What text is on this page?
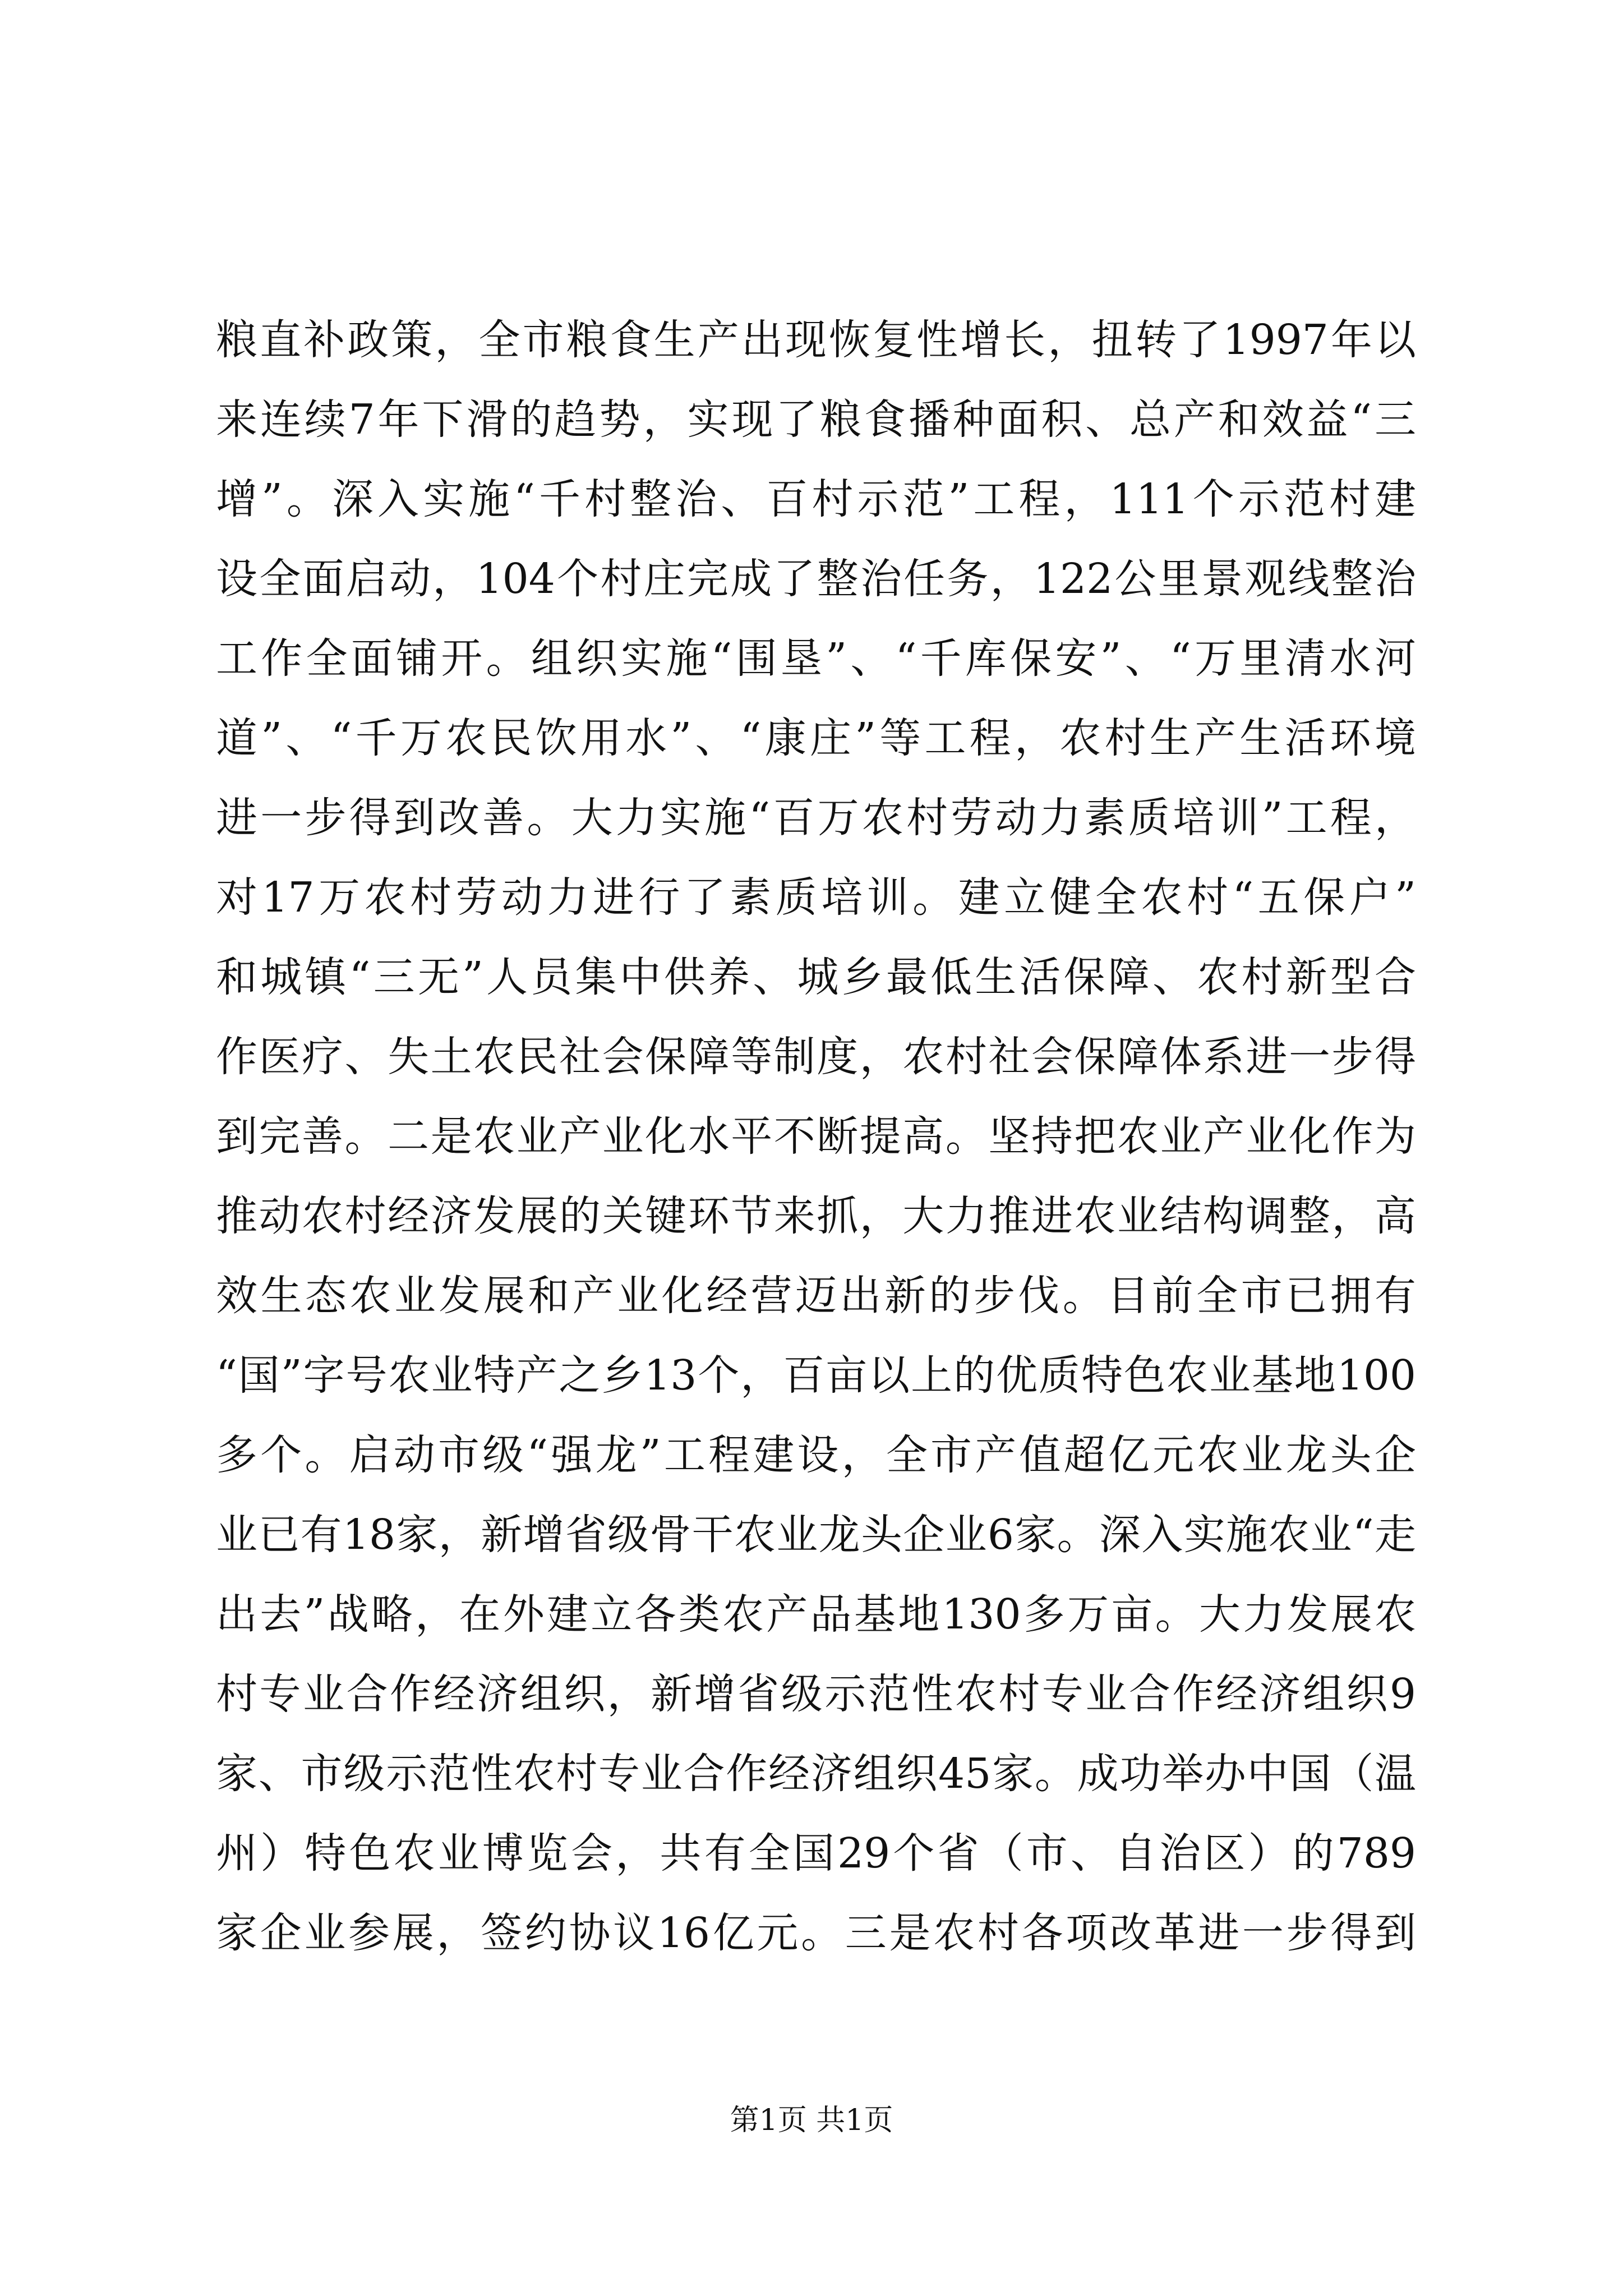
粮直补政策，全市粮食生产出现恢复性增长，扭转了1997年以
来连续7年下滑的趋势，实现了粮食播种面积、总产和效益“三
增”。深入实施“千村整治、百村示范”工程，111个示范村建
设全面启动，104个村庄完成了整治任务，122公里景观线整治
工作全面铺开。组织实施“围垦”、“千库保安”、“万里清水河
道”、“千万农民饮用水”、“康庄”等工程，农村生产生活环境
进一步得到改善。大力实施“百万农村劳动力素质培训”工程，
对17万农村劳动力进行了素质培训。建立健全农村“五保户”
和城镇“三无”人员集中供养、城乡最低生活保障、农村新型合
作医疗、失土农民社会保障等制度，农村社会保障体系进一步得
到完善。二是农业产业化水平不断提高。坚持把农业产业化作为
推动农村经济发展的关键环节来抓，大力推进农业结构调整，高
效生态农业发展和产业化经营迈出新的步伐。目前全市已拥有
“国”字号农业特产之乡13个，百亩以上的优质特色农业基地100
多个。启动市级“强龙”工程建设，全市产值超亿元农业龙头企
业已有18家，新增省级骨干农业龙头企业6家。深入实施农业“走
出去”战略，在外建立各类农产品基地130多万亩。大力发展农
村专业合作经济组织，新增省级示范性农村专业合作经济组织9
家、市级示范性农村专业合作经济组织45家。成功举办中国（温
州）特色农业博览会，共有全国29个省（市、自治区）的789
家企业参展，签约协议16亿元。三是农村各项改革进一步得到
第1页 共1页
